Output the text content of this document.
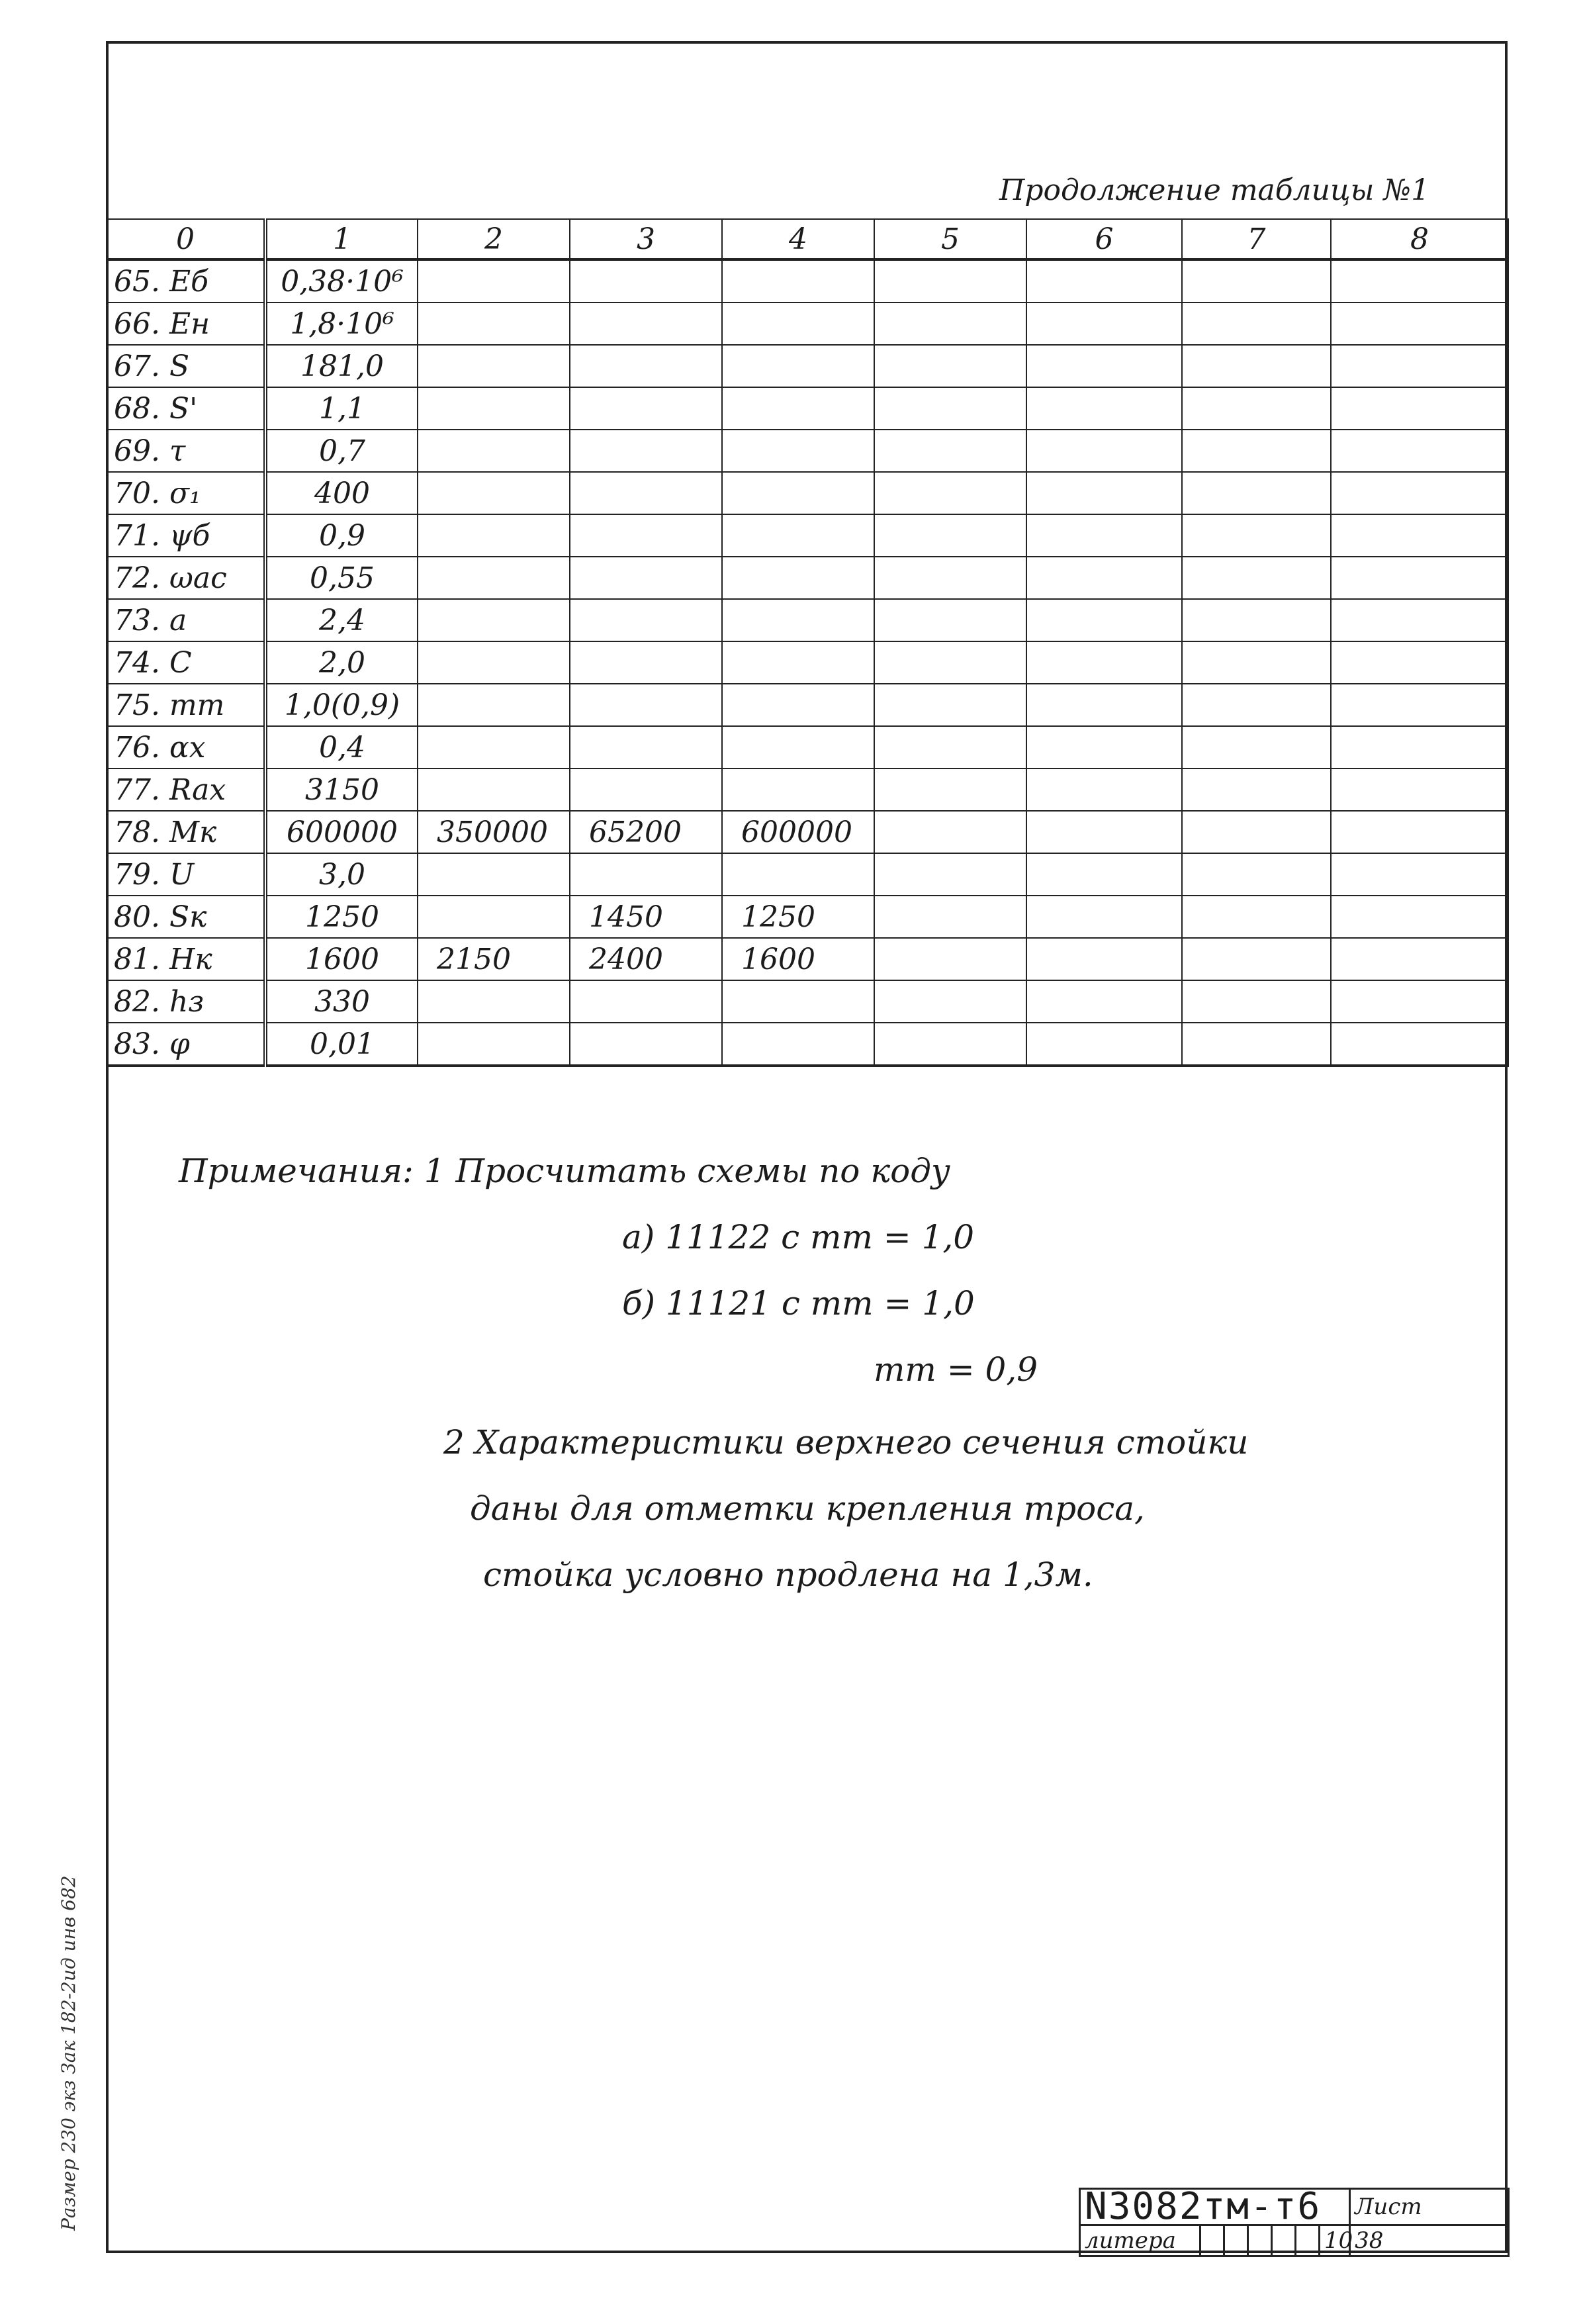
Продолжение таблицы №1
0	1	2	3	4	5	6	7	8
65. Eб	0,38·10⁶							
66. Ен	1,8·10⁶							
67. S	181,0							
68. S'	1,1							
69. τ	0,7							
70. σ₁	400							
71. ψб	0,9							
72. ωас	0,55							
73. a	2,4							
74. C	2,0							
75. mт	1,0(0,9)							
76. αx	0,4							
77. Rax	3150							
78. Mк	600000	350000	65200	600000				
79. U	3,0							
80. Sк	1250		1450	1250				
81. Hк	1600	2150	2400	1600				
82. hз	330							
83. φ	0,01							
Примечания: 1 Просчитать схемы по коду
а) 11122 с mт = 1,0
б) 11121 с mт = 1,0
mт = 0,9
2 Характеристики верхнего сечения стойки
даны для отметки крепления троса,
стойка условно продлена на 1,3м.
N3082тм-т6							Лист
литера						10	38
Размер 230 экз Зак 182-2ид инв 682
